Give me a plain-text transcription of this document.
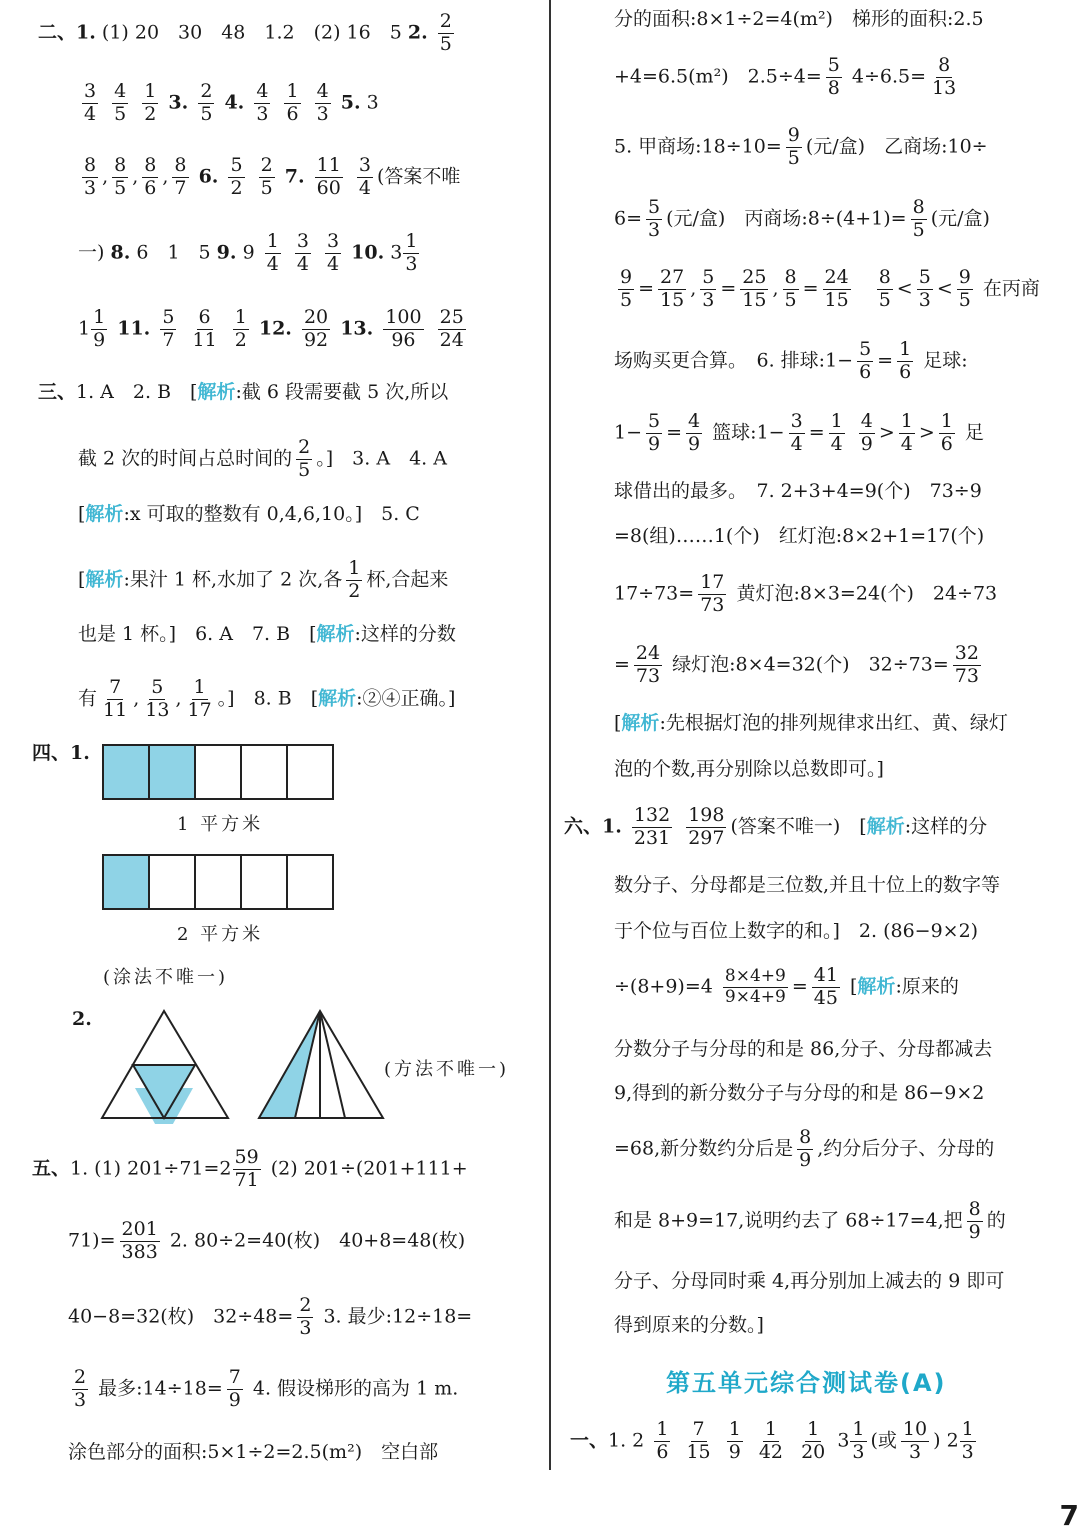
二、1. (1) 20　30　48　1.2　(2) 16　5 2. $\frac{2}{5}$
$\frac{3}{4}$
$\frac{4}{5}$
$\frac{1}{2} 3$. $\frac{2}{5} 4$. $\frac{4}{3}$
$\frac{1}{6}$
$\frac{4}{3} 5$. 3
$\frac{8}{3}$ , $\frac{8}{5}$ , $\frac{8}{6}$ , $\frac{8}{7} 6$. $\frac{5}{2}$
$\frac{2}{5} 7$. $\frac{11}{60}$
$\frac{3}{4}$ (答案不唯
一) 8. 6　1　5 9. $9 \frac{1}{4}$
$\frac{3}{4}$
$\frac{3}{4} 10$. $3 \frac{1}{3}$
$1 \frac{1}{9} 11$. $\frac{5}{7}$
$\frac{6}{11}$
$\frac{1}{2} 12$. $\frac{20}{92} 13$. $\frac{100}{96}$
$\frac{25}{24}$
三、1. A　2. B　[解析:截 6 段需要截 5 次,所以
截 2 次的时间占总时间的 $\frac{2}{5}$ 。]　3. A　4. A
[解析:x 可取的整数有 0,4,6,10。]　5. C
[解析:果汁 1 杯,水加了 2 次,各 $\frac{1}{2}$ 杯,合起来
也是 1 杯。]　6. A　7. B　[解析:这样的分数
有 $\frac{7}{11}$ , $\frac{5}{13}$ , $\frac{1}{17}$ 。]　8. B　[解析:②④正确。]
四、1.
1 平方米
2 平方米
(涂法不唯一)
2.
(方法不唯一)
五、1. (1) $201\div 71=2 \frac{59}{71} (2)$ 201÷(201+111+
$71)= \frac{201}{383} 2$. 80÷2=40(枚)　40+8=48(枚)
40−8=32(枚)　$32\div 48= \frac{2}{3} 3$. 最少:12÷18=
$\frac{2}{3}$ 最多:14÷18= $\frac{7}{9} 4$. 假设梯形的高为 1 m.
涂色部分的面积:5×1÷2=2.5(m²)　空白部
分的面积:8×1÷2=4(m²)　梯形的面积:2.5
+4=6.5(m²)　$2.5\div 4= \frac{5}{8} 4\div 6.5= \frac{8}{13}$
5. 甲商场:18÷10= $\frac{9}{5}$ (元/盒)　乙商场:10÷
$6= \frac{5}{3}$ (元/盒)　丙商场:8÷(4+1)= $\frac{8}{5}$ (元/盒)
$\frac{9}{5} = \frac{27}{15}$ , $\frac{5}{3} = \frac{25}{15}$ , $\frac{8}{5} = \frac{24}{15} \frac{8}{5} < \frac{5}{3} < \frac{9}{5}$ 在丙商
场购买更合算。　6. 排球:1− $\frac{5}{6} = \frac{1}{6}$ 足球:
$1- \frac{5}{9} = \frac{4}{9}$ 篮球:1− $\frac{3}{4} = \frac{1}{4}$
$\frac{4}{9} > \frac{1}{4} > \frac{1}{6}$ 足
球借出的最多。　7. 2+3+4=9(个)　73÷9
=8(组)……1(个)　红灯泡:8×2+1=17(个)
$17\div 73= \frac{17}{73}$ 黄灯泡:8×3=24(个)　24÷73
= $\frac{24}{73}$ 绿灯泡:8×4=32(个)　$32\div 73= \frac{32}{73}$
[解析:先根据灯泡的排列规律求出红、黄、绿灯
泡的个数,再分别除以总数即可。]
六、1. $\frac{132}{231}$
$\frac{198}{297}$ (答案不唯一)　[解析:这样的分
数分子、分母都是三位数,并且十位上的数字等
于个位与百位上数字的和。]　2. (86−9×2)
$\div(8+9)=4 \frac{8\times 4+9}{9\times 4+9} = \frac{41}{45}$ [解析:原来的
分数分子与分母的和是 86,分子、分母都减去
9,得到的新分数分子与分母的和是 86−9×2
=68,新分数约分后是 $\frac{8}{9}$ ,约分后分子、分母的
和是 8+9=17,说明约去了 68÷17=4,把 $\frac{8}{9}$ 的
分子、分母同时乘 4,再分别加上减去的 9 即可
得到原来的分数。]
第五单元综合测试卷(A)
一、1. $2 \frac{1}{6}$
$\frac{7}{15}$
$\frac{1}{9}$
$\frac{1}{42}$
$\frac{1}{20} 3 \frac{1}{3}$ (或 $\frac{10}{3}$ ) $2 \frac{1}{3}$
7
